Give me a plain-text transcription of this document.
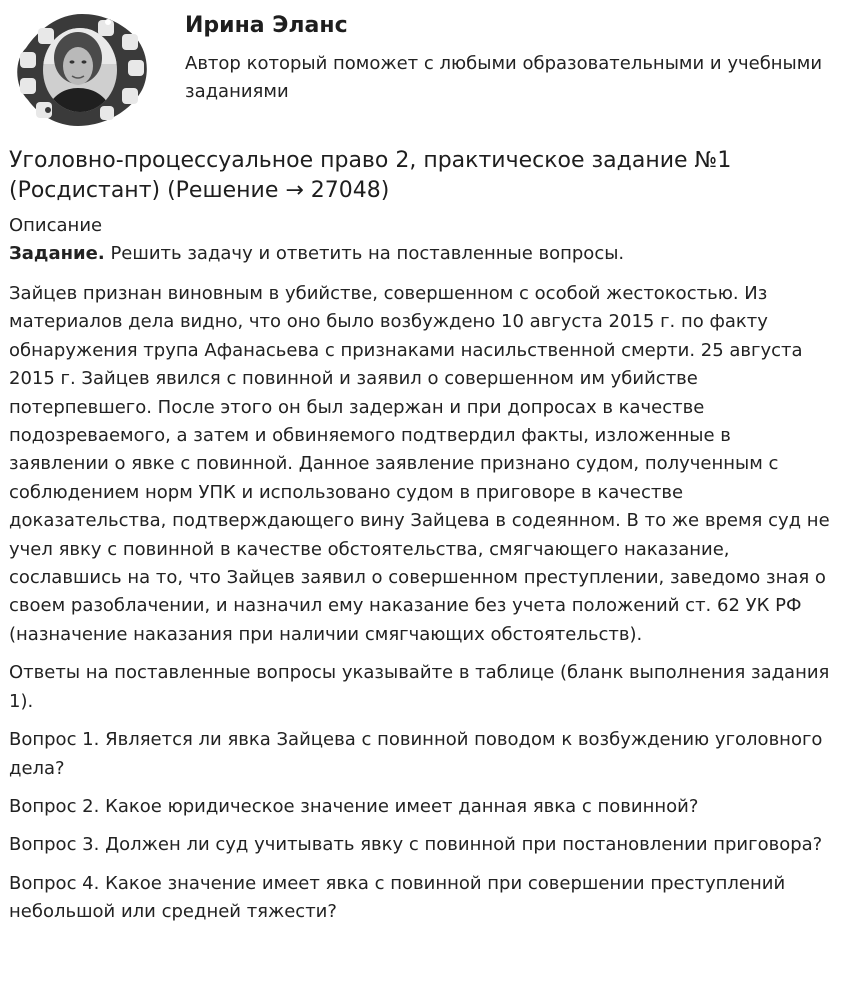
Ирина Эланс
Автор который поможет с любыми образовательными и учебными заданиями
Уголовно-процессуальное право 2, практическое задание №1 (Росдистант) (Решение → 27048)
Описание
Задание. Решить задачу и ответить на поставленные вопросы.

Зайцев признан виновным в убийстве, совершенном с особой жестокостью. Из материалов дела видно, что оно было возбуждено 10 августа 2015 г. по факту обнаружения трупа Афанасьева с признаками насильственной смерти. 25 августа 2015 г. Зайцев явился с повинной и заявил о совершенном им убийстве потерпевшего. После этого он был задержан и при допросах в качестве подозреваемого, а затем и обвиняемого подтвердил факты, изложенные в заявлении о явке с повинной. Данное заявление признано судом, полученным с соблюдением норм УПК и использовано судом в приговоре в качестве доказательства, подтверждающего вину Зайцева в содеянном. В то же время суд не учел явку с повинной в качестве обстоятельства, смягчающего наказание, сославшись на то, что Зайцев заявил о совершенном преступлении, заведомо зная о своем разоблачении, и назначил ему наказание без учета положений ст. 62 УК РФ (назначение наказания при наличии смягчающих обстоятельств).

Ответы на поставленные вопросы указывайте в таблице (бланк выполнения задания 1).

Вопрос 1. Является ли явка Зайцева с повинной поводом к возбуждению уголовного дела?

Вопрос 2. Какое юридическое значение имеет данная явка с повинной?

Вопрос 3. Должен ли суд учитывать явку с повинной при постановлении приговора?

Вопрос 4. Какое значение имеет явка с повинной при совершении преступлений небольшой или средней тяжести?
